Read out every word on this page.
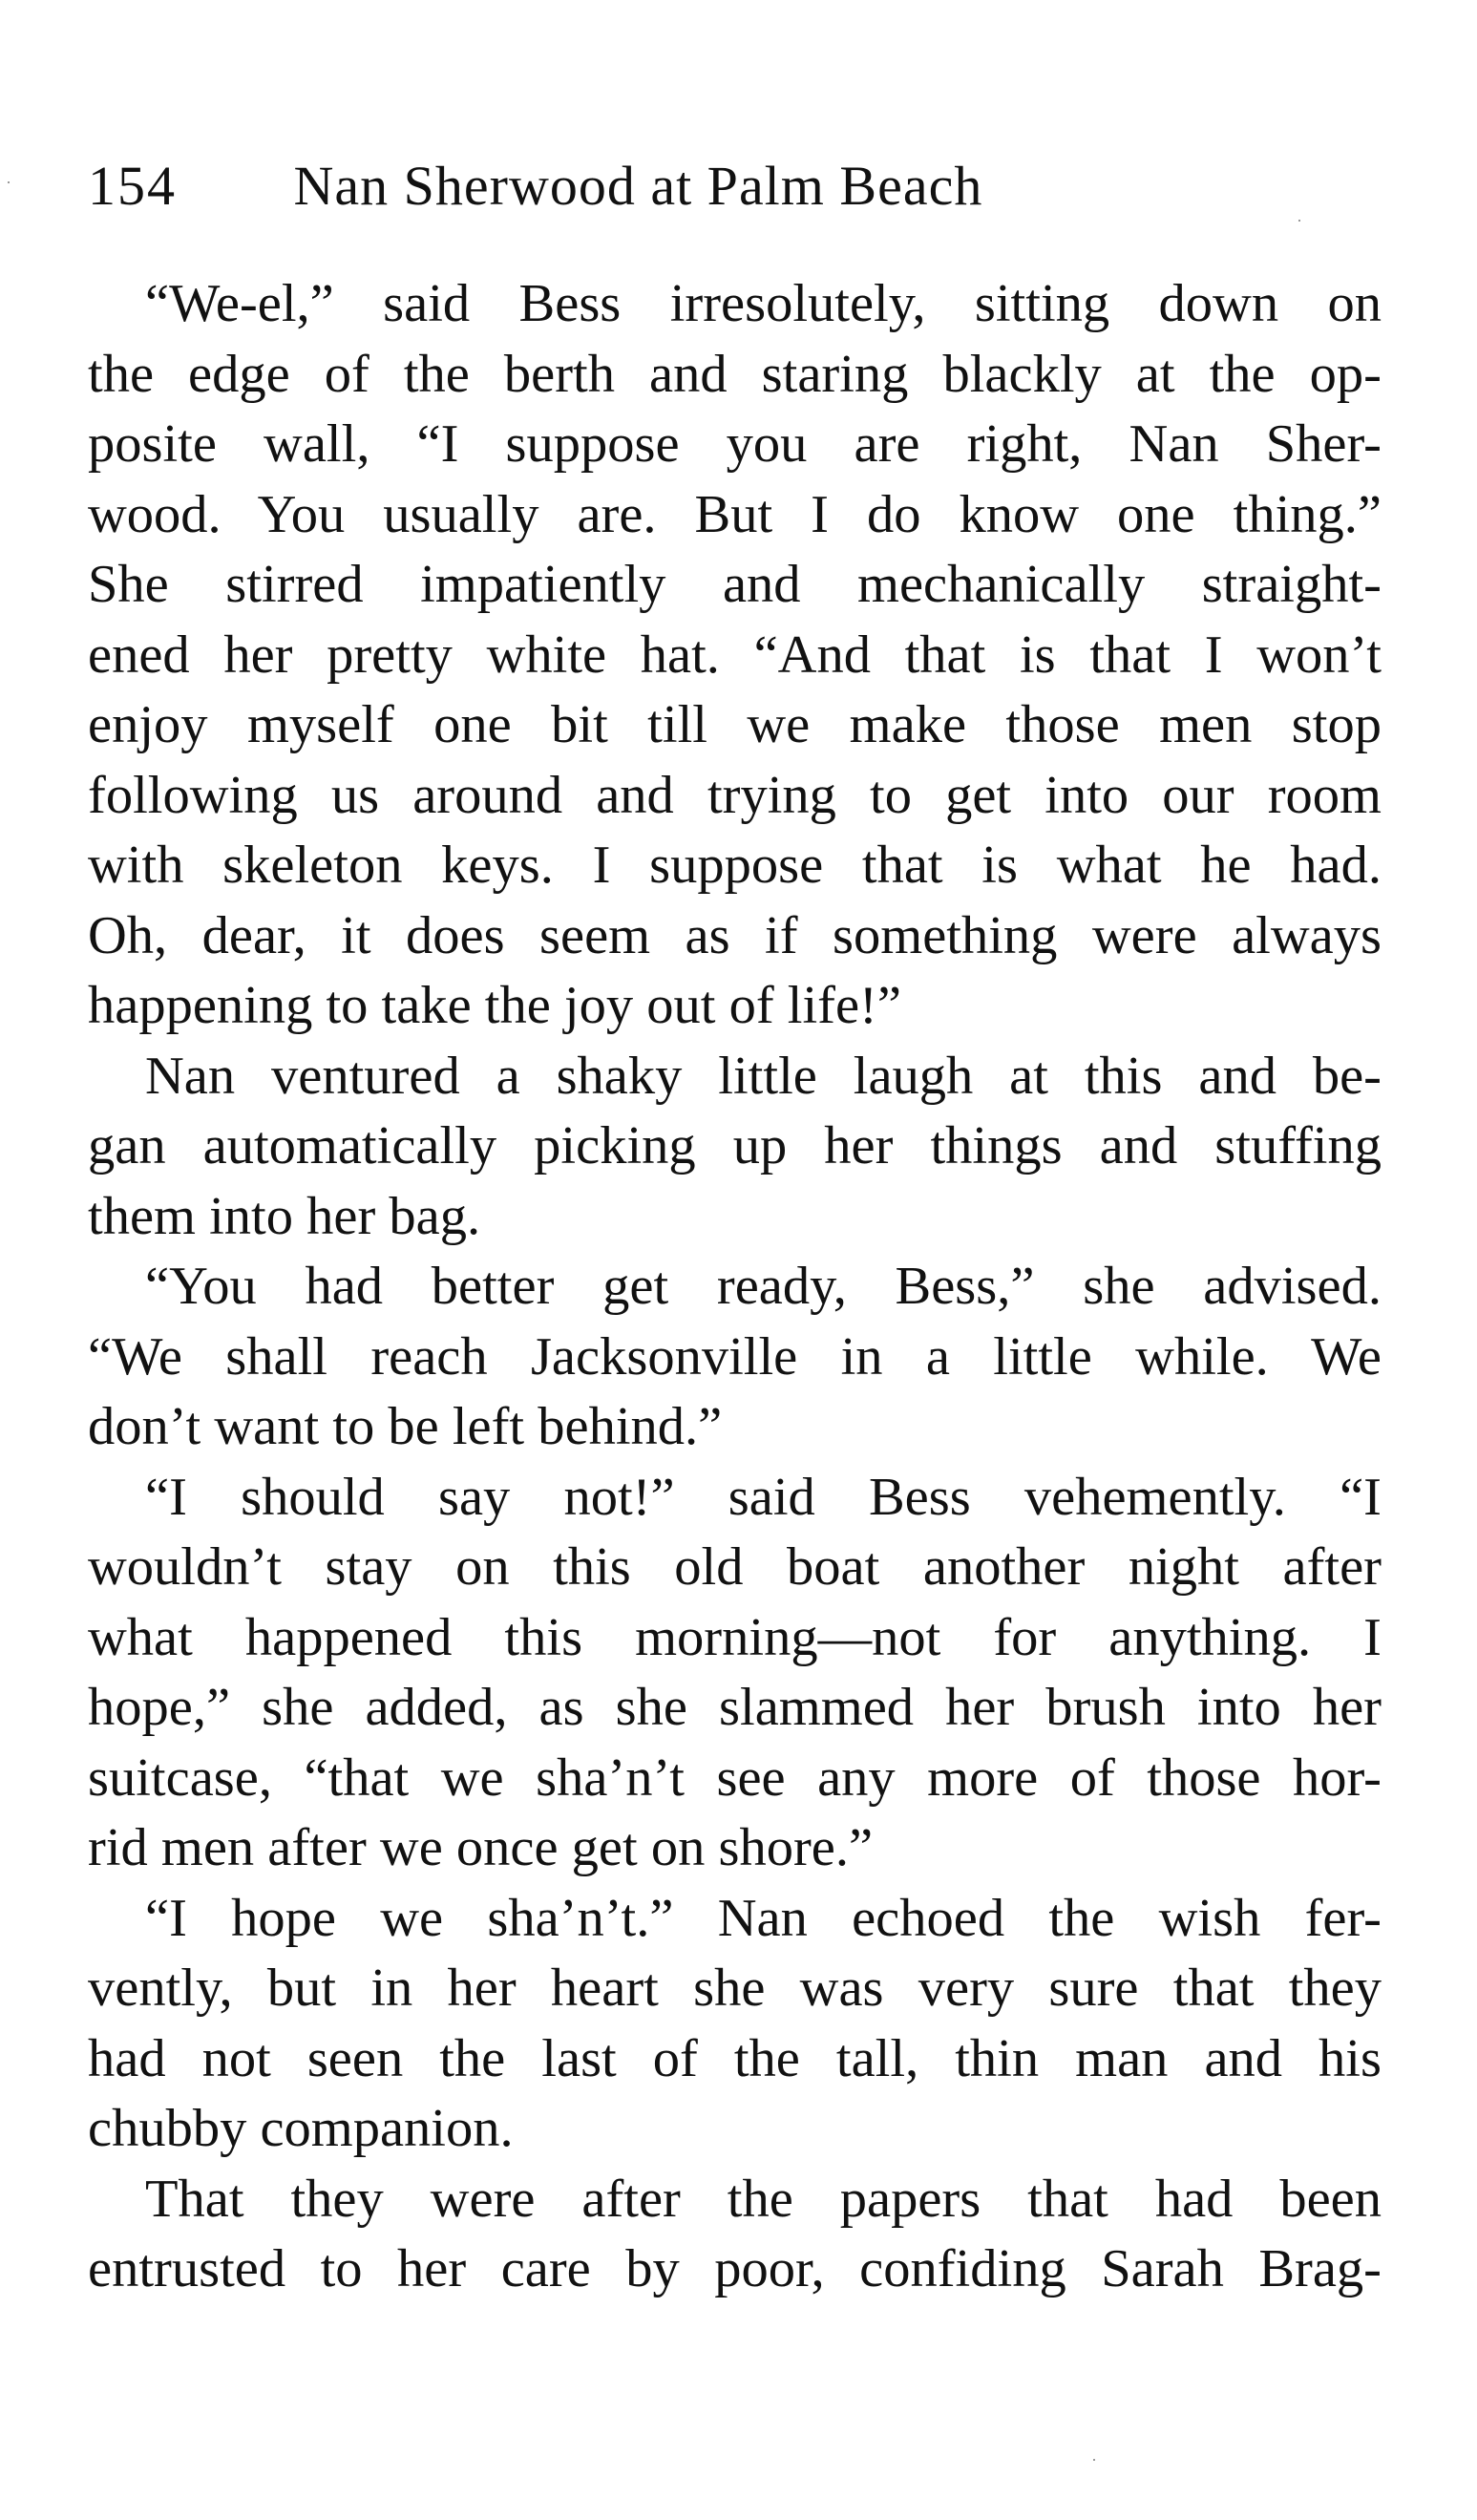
154 Nan Sherwood at Palm Beach
“We-el,” said Bess irresolutely, sitting down on
the edge of the berth and staring blackly at the op-
posite wall, “I suppose you are right, Nan Sher-
wood. You usually are. But I do know one thing.”
She stirred impatiently and mechanically straight-
ened her pretty white hat. “And that is that I won’t
enjoy myself one bit till we make those men stop
following us around and trying to get into our room
with skeleton keys. I suppose that is what he had.
Oh, dear, it does seem as if something were always
happening to take the joy out of life!”
Nan ventured a shaky little laugh at this and be-
gan automatically picking up her things and stuffing
them into her bag.
“You had better get ready, Bess,” she advised.
“We shall reach Jacksonville in a little while. We
don’t want to be left behind.”
“I should say not!” said Bess vehemently. “I
wouldn’t stay on this old boat another night after
what happened this morning—not for anything. I
hope,” she added, as she slammed her brush into her
suitcase, “that we sha’n’t see any more of those hor-
rid men after we once get on shore.”
“I hope we sha’n’t.” Nan echoed the wish fer-
vently, but in her heart she was very sure that they
had not seen the last of the tall, thin man and his
chubby companion.
That they were after the papers that had been
entrusted to her care by poor, confiding Sarah Brag-
